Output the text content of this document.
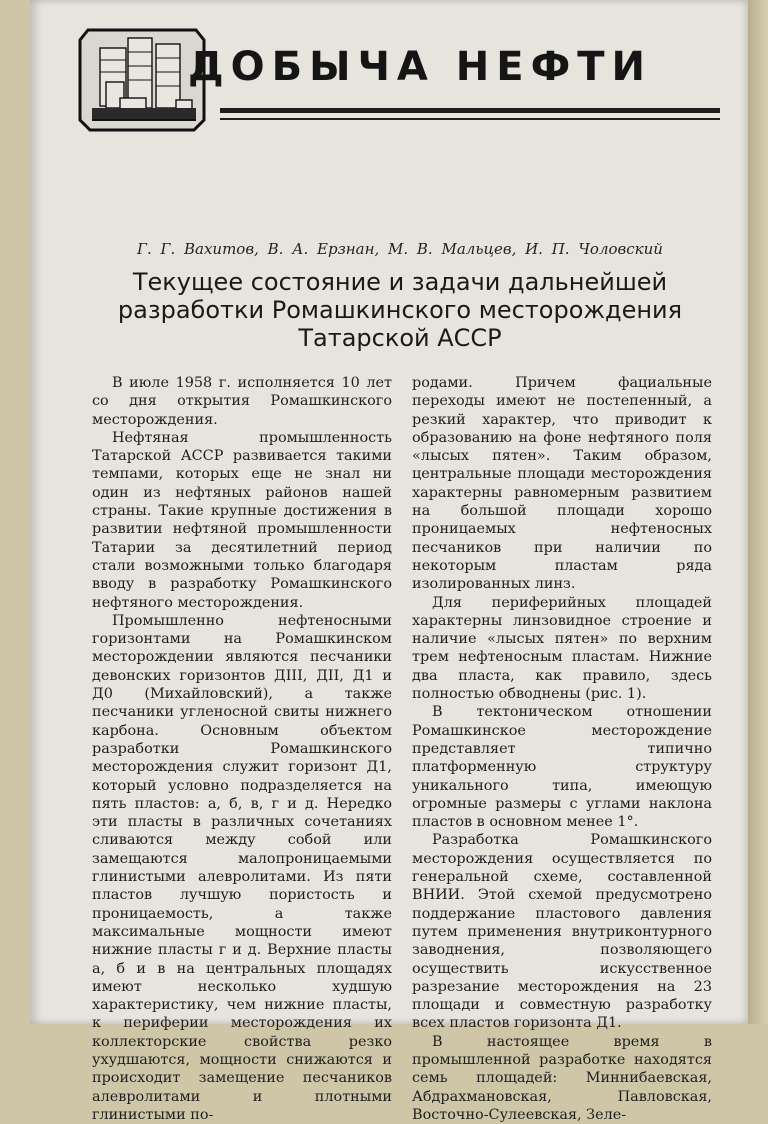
ДОБЫЧА НЕФТИ
Г. Г. Вахитов, В. А. Ерзнан, М. В. Мальцев, И. П. Чоловский
Текущее состояние и задачи дальнейшей
разработки Ромашкинского месторождения
Татарской АССР

В июле 1958 г. исполняется 10 лет со дня открытия Ромашкинского месторождения.

Нефтяная промышленность Татарской АССР развивается такими темпами, которых еще не знал ни один из нефтяных районов нашей страны. Такие крупные достижения в развитии нефтяной промышленности Татарии за десятилетний период стали возможными только благодаря вводу в разработку Ромашкинского нефтяного месторождения.

Промышленно нефтеносными горизонтами на Ромашкинском месторождении являются песчаники девонских горизонтов ДIII, ДII, Д1 и Д0 (Михайловский), а также песчаники угленосной свиты нижнего карбона. Основным объектом разработки Ромашкинского месторождения служит горизонт Д1, который условно подразделяется на пять пластов: а, б, в, г и д. Нередко эти пласты в различных сочетаниях сливаются между собой или замещаются малопроницаемыми глинистыми алевролитами. Из пяти пластов лучшую пористость и проницаемость, а также максимальные мощности имеют нижние пласты г и д. Верхние пласты а, б и в на центральных площадях имеют несколько худшую характеристику, чем нижние пласты, к периферии месторождения их коллекторские свойства резко ухудшаются, мощности снижаются и происходит замещение песчаников алевролитами и плотными глинистыми по-

родами. Причем фациальные переходы имеют не постепенный, а резкий характер, что приводит к образованию на фоне нефтяного поля «лысых пятен». Таким образом, центральные площади месторождения характерны равномерным развитием на большой площади хорошо проницаемых нефтеносных песчаников при наличии по некоторым пластам ряда изолированных линз.

Для периферийных площадей характерны линзовидное строение и наличие «лысых пятен» по верхним трем нефтеносным пластам. Нижние два пласта, как правило, здесь полностью обводнены (рис. 1).

В тектоническом отношении Ромашкинское месторождение представляет типично платформенную структуру уникального типа, имеющую огромные размеры с углами наклона пластов в основном менее 1°.

Разработка Ромашкинского месторождения осуществляется по генеральной схеме, составленной ВНИИ. Этой схемой предусмотрено поддержание пластового давления путем применения внутриконтурного заводнения, позволяющего осуществить искусственное разрезание месторождения на 23 площади и совместную разработку всех пластов горизонта Д1.

В настоящее время в промышленной разработке находятся семь площадей: Миннибаевская, Абдрахмановская, Павловская, Восточно-Сулеевская, Зеле-
